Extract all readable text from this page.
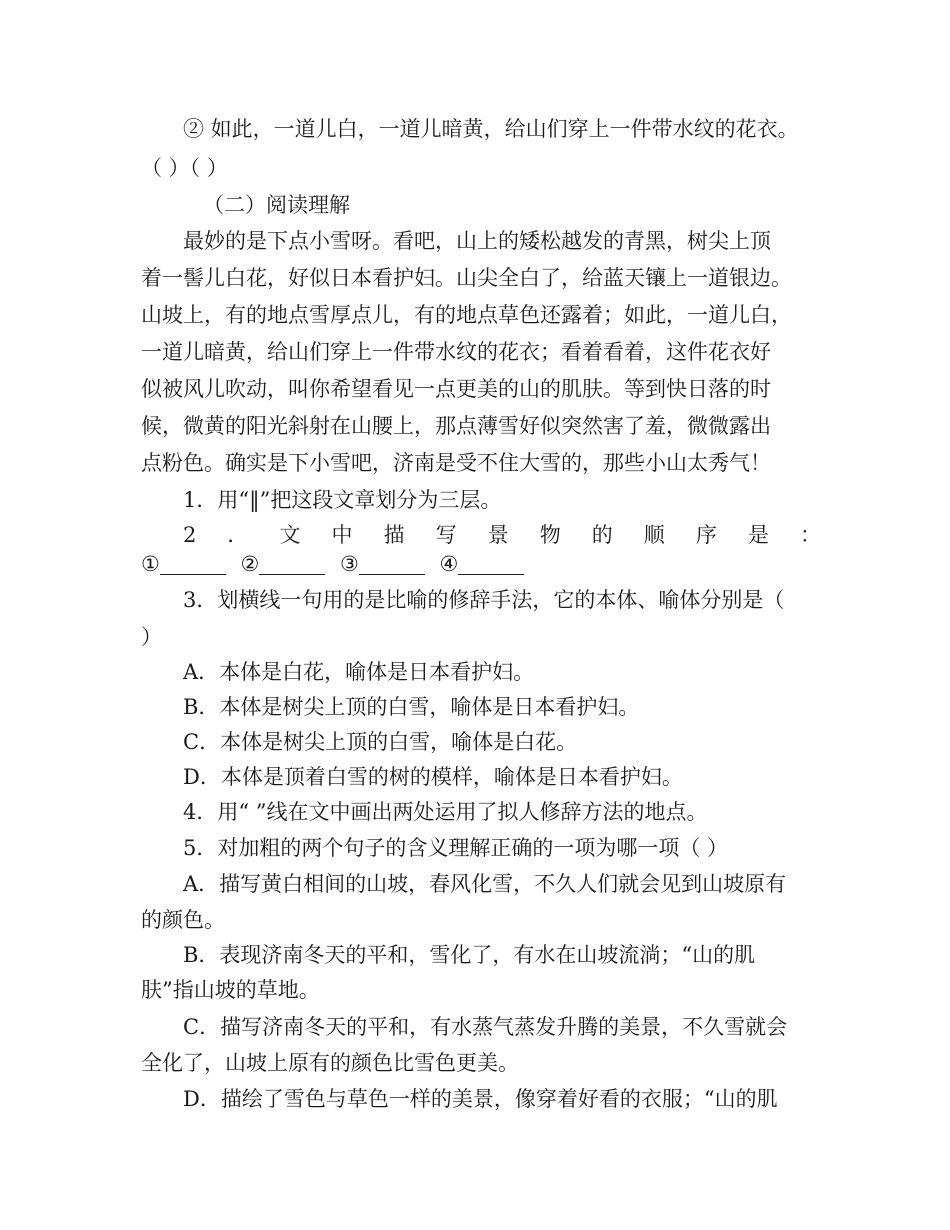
② 如此，一道儿白，一道儿暗黄，给山们穿上一件带水纹的花衣。
（ ）（ ）
（二）阅读理解
最妙的是下点小雪呀。看吧，山上的矮松越发的青黑，树尖上顶
着一髻儿白花，好似日本看护妇。山尖全白了，给蓝天镶上一道银边。
山坡上，有的地点雪厚点儿，有的地点草色还露着；如此，一道儿白，
一道儿暗黄，给山们穿上一件带水纹的花衣；看着看着，这件花衣好
似被风儿吹动，叫你希望看见一点更美的山的肌肤。等到快日落的时
候，微黄的阳光斜射在山腰上，那点薄雪好似突然害了羞，微微露出
点粉色。确实是下小雪吧，济南是受不住大雪的，那些小山太秀气！
1．用“‖”把这段文章划分为三层。
2 ． 文 中 描 写 景 物 的 顺 序 是 ：
①	②	③	④
3．划横线一句用的是比喻的修辞手法，它的本体、喻体分别是（
）
A．本体是白花，喻体是日本看护妇。
B．本体是树尖上顶的白雪，喻体是日本看护妇。
C．本体是树尖上顶的白雪，喻体是白花。
D．本体是顶着白雪的树的模样，喻体是日本看护妇。
4．用“ ”线在文中画出两处运用了拟人修辞方法的地点。
5．对加粗的两个句子的含义理解正确的一项为哪一项（ ）
A．描写黄白相间的山坡，春风化雪，不久人们就会见到山坡原有
的颜色。
B．表现济南冬天的平和，雪化了，有水在山坡流淌；“山的肌
肤”指山坡的草地。
C．描写济南冬天的平和，有水蒸气蒸发升腾的美景，不久雪就会
全化了，山坡上原有的颜色比雪色更美。
D．描绘了雪色与草色一样的美景，像穿着好看的衣服；“山的肌
